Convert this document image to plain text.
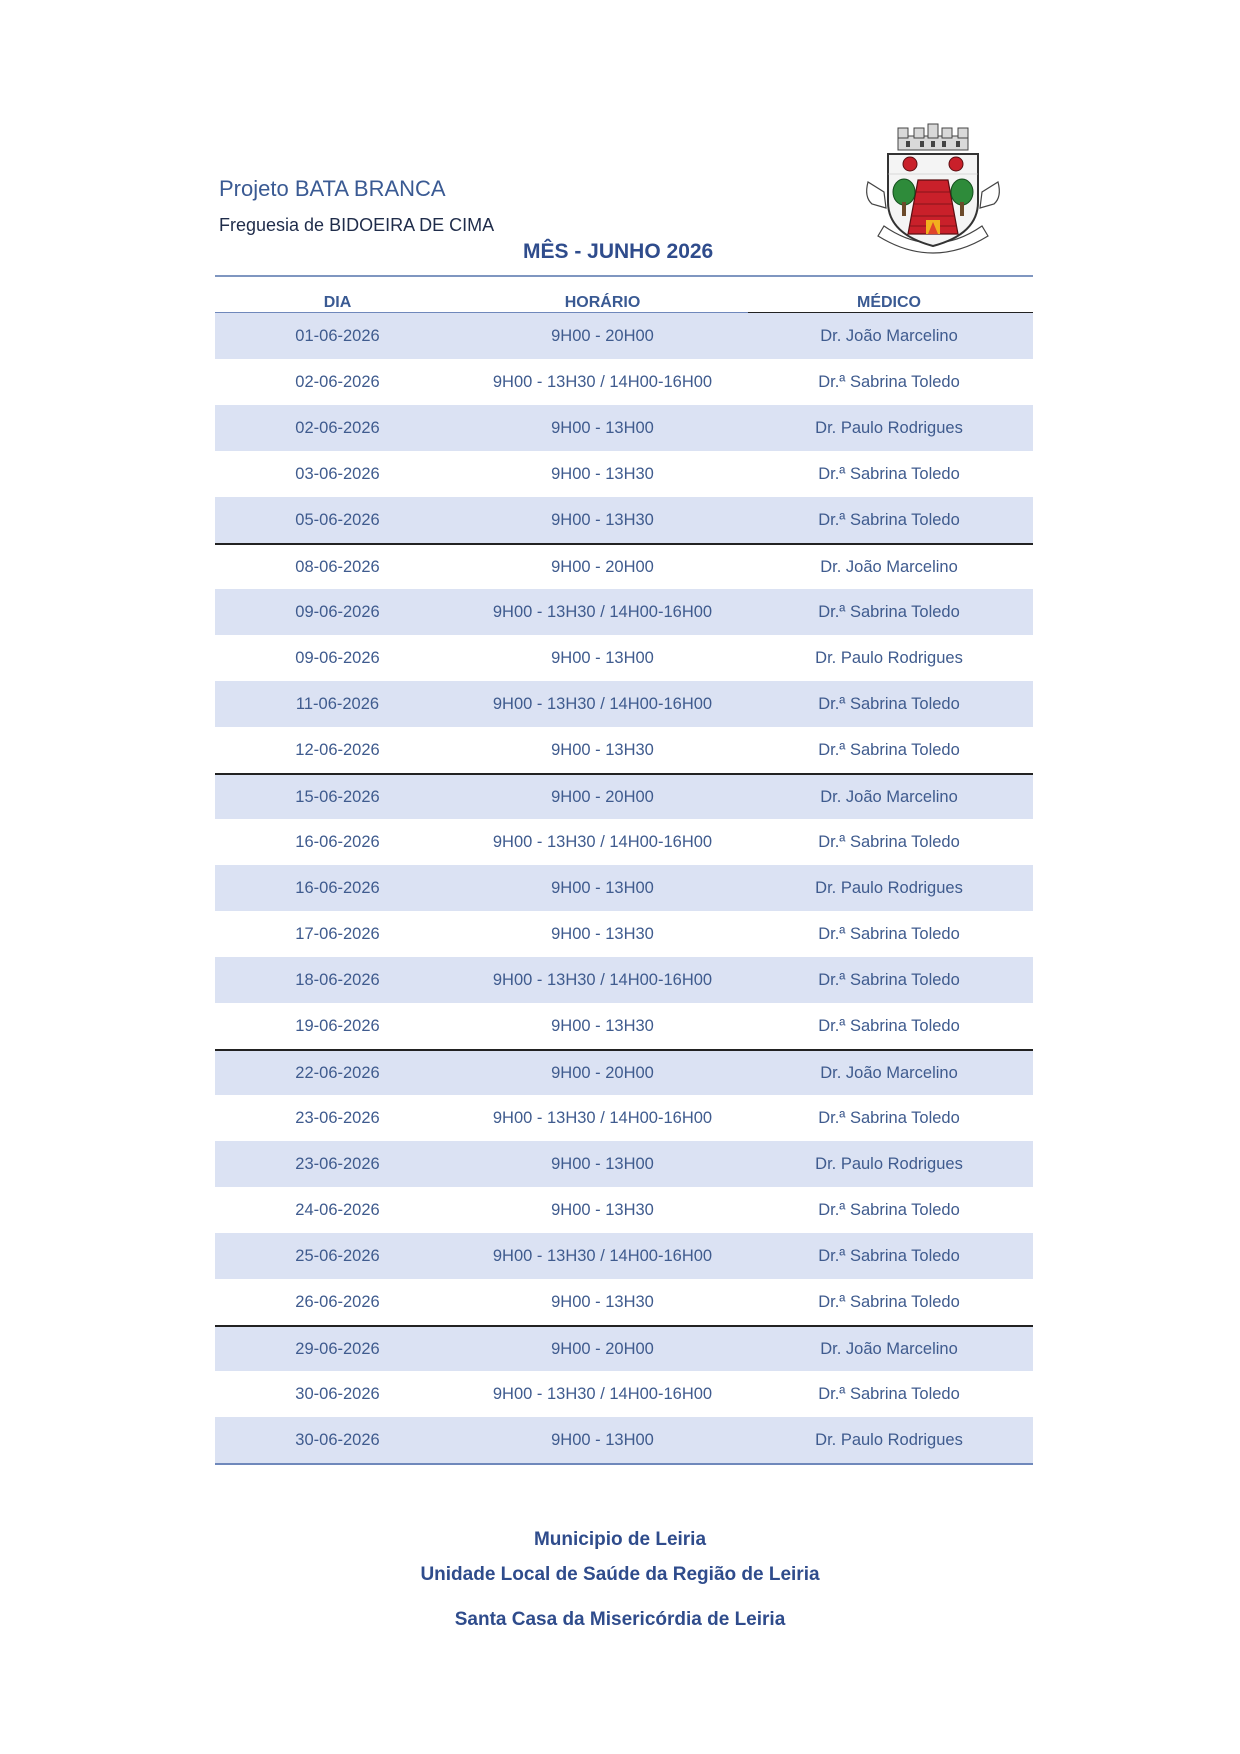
Projeto BATA BRANCA
Freguesia de BIDOEIRA DE CIMA
MÊS - JUNHO 2026
DIA	HORÁRIO	MÉDICO
01-06-2026	9H00 - 20H00	Dr. João Marcelino
02-06-2026	9H00 - 13H30 / 14H00-16H00	Dr.ª Sabrina Toledo
02-06-2026	9H00 - 13H00	Dr. Paulo Rodrigues
03-06-2026	9H00 - 13H30	Dr.ª Sabrina Toledo
05-06-2026	9H00 - 13H30	Dr.ª Sabrina Toledo
08-06-2026	9H00 - 20H00	Dr. João Marcelino
09-06-2026	9H00 - 13H30 / 14H00-16H00	Dr.ª Sabrina Toledo
09-06-2026	9H00 - 13H00	Dr. Paulo Rodrigues
11-06-2026	9H00 - 13H30 / 14H00-16H00	Dr.ª Sabrina Toledo
12-06-2026	9H00 - 13H30	Dr.ª Sabrina Toledo
15-06-2026	9H00 - 20H00	Dr. João Marcelino
16-06-2026	9H00 - 13H30 / 14H00-16H00	Dr.ª Sabrina Toledo
16-06-2026	9H00 - 13H00	Dr. Paulo Rodrigues
17-06-2026	9H00 - 13H30	Dr.ª Sabrina Toledo
18-06-2026	9H00 - 13H30 / 14H00-16H00	Dr.ª Sabrina Toledo
19-06-2026	9H00 - 13H30	Dr.ª Sabrina Toledo
22-06-2026	9H00 - 20H00	Dr. João Marcelino
23-06-2026	9H00 - 13H30 / 14H00-16H00	Dr.ª Sabrina Toledo
23-06-2026	9H00 - 13H00	Dr. Paulo Rodrigues
24-06-2026	9H00 - 13H30	Dr.ª Sabrina Toledo
25-06-2026	9H00 - 13H30 / 14H00-16H00	Dr.ª Sabrina Toledo
26-06-2026	9H00 - 13H30	Dr.ª Sabrina Toledo
29-06-2026	9H00 - 20H00	Dr. João Marcelino
30-06-2026	9H00 - 13H30 / 14H00-16H00	Dr.ª Sabrina Toledo
30-06-2026	9H00 - 13H00	Dr. Paulo Rodrigues
Municipio de Leiria
Unidade Local de Saúde da Região de Leiria
Santa Casa da Misericórdia de Leiria
